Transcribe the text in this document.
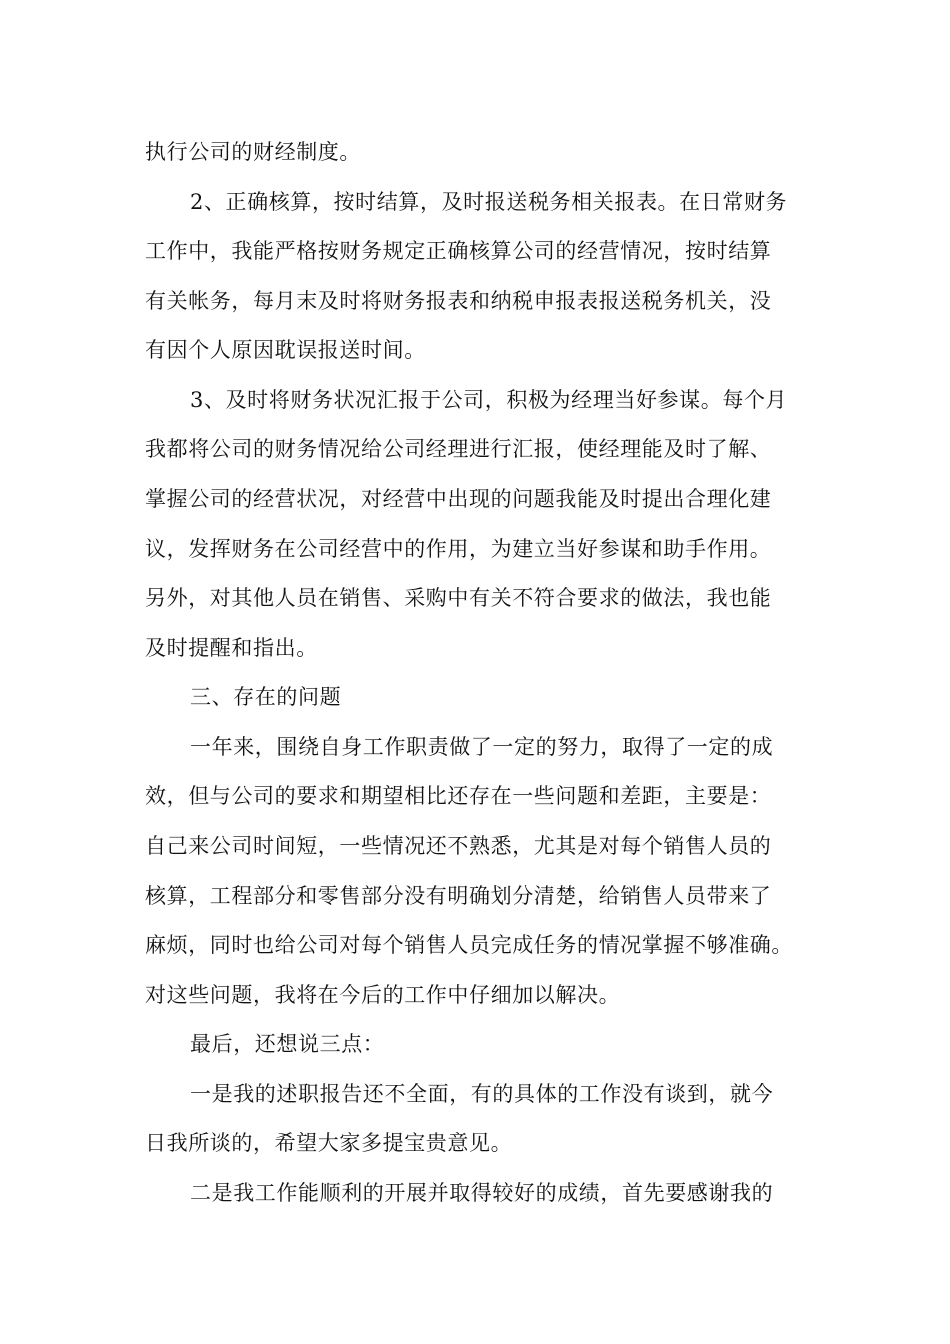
执行公司的财经制度。
2、正确核算，按时结算，及时报送税务相关报表。在日常财务
工作中，我能严格按财务规定正确核算公司的经营情况，按时结算
有关帐务，每月末及时将财务报表和纳税申报表报送税务机关，没
有因个人原因耽误报送时间。
3、及时将财务状况汇报于公司，积极为经理当好参谋。每个月
我都将公司的财务情况给公司经理进行汇报，使经理能及时了解、
掌握公司的经营状况，对经营中出现的问题我能及时提出合理化建
议，发挥财务在公司经营中的作用，为建立当好参谋和助手作用。
另外，对其他人员在销售、采购中有关不符合要求的做法，我也能
及时提醒和指出。
三、存在的问题
一年来，围绕自身工作职责做了一定的努力，取得了一定的成
效，但与公司的要求和期望相比还存在一些问题和差距，主要是：
自己来公司时间短，一些情况还不熟悉，尤其是对每个销售人员的
核算，工程部分和零售部分没有明确划分清楚，给销售人员带来了
麻烦，同时也给公司对每个销售人员完成任务的情况掌握不够准确。
对这些问题，我将在今后的工作中仔细加以解决。
最后，还想说三点：
一是我的述职报告还不全面，有的具体的工作没有谈到，就今
日我所谈的，希望大家多提宝贵意见。
二是我工作能顺利的开展并取得较好的成绩，首先要感谢我的
